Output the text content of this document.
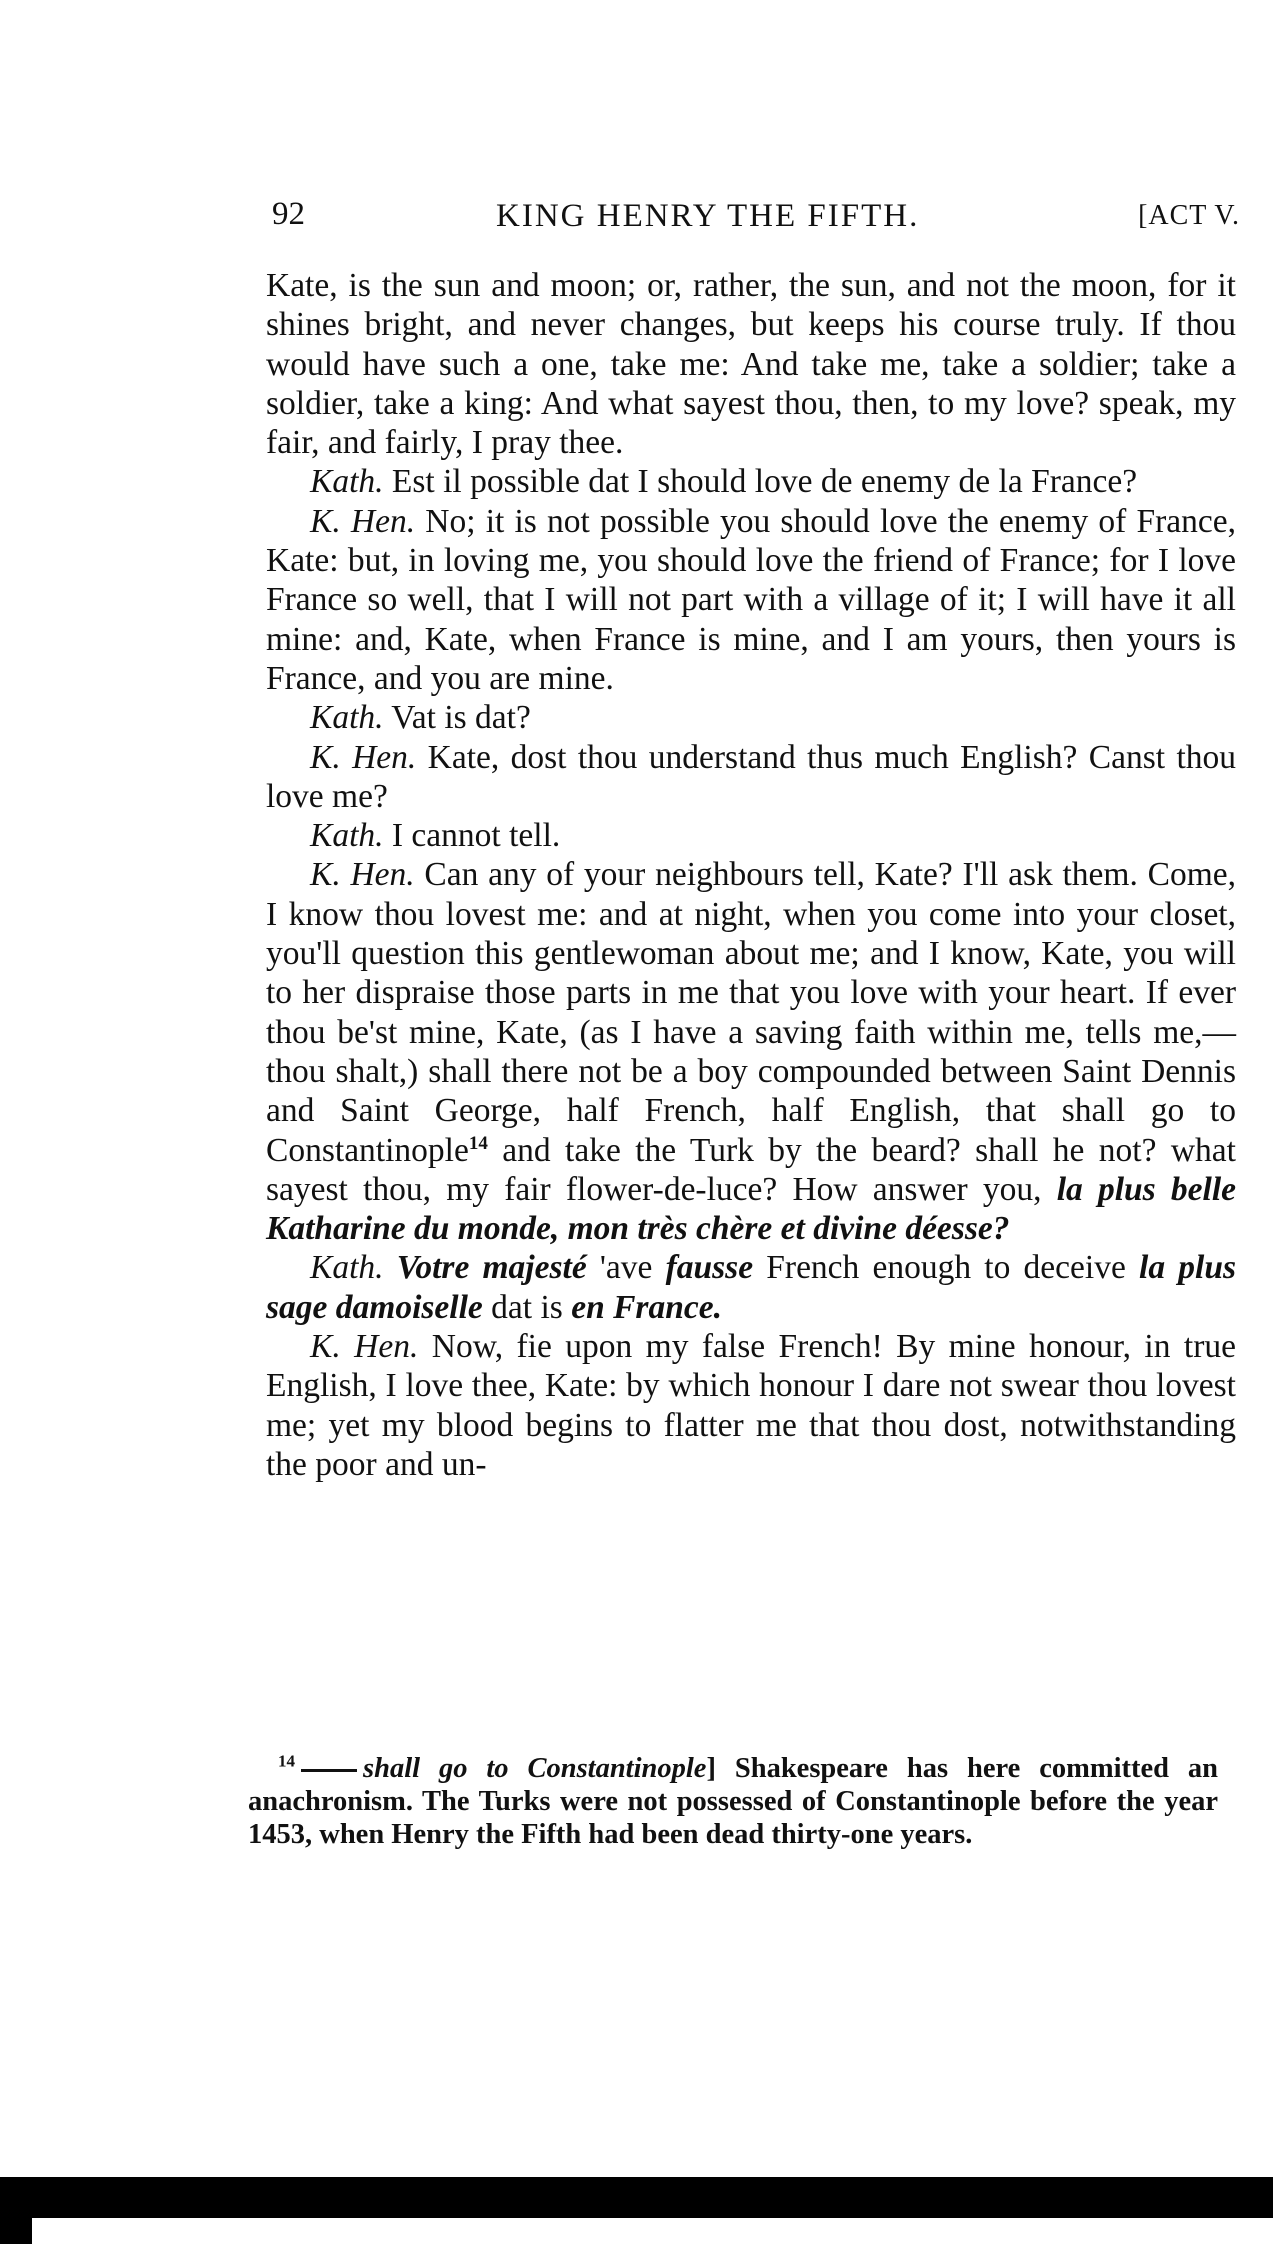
92	KING HENRY THE FIFTH.	[ACT V.

Kate, is the sun and moon; or, rather, the sun, and not the moon, for it shines bright, and never changes, but keeps his course truly. If thou would have such a one, take me: And take me, take a soldier; take a soldier, take a king: And what sayest thou, then, to my love? speak, my fair, and fairly, I pray thee.

Kath. Est il possible dat I should love de enemy de la France?

K. Hen. No; it is not possible you should love the enemy of France, Kate: but, in loving me, you should love the friend of France; for I love France so well, that I will not part with a village of it; I will have it all mine: and, Kate, when France is mine, and I am yours, then yours is France, and you are mine.

Kath. Vat is dat?

K. Hen. Kate, dost thou understand thus much English? Canst thou love me?

Kath. I cannot tell.

K. Hen. Can any of your neighbours tell, Kate? I'll ask them. Come, I know thou lovest me: and at night, when you come into your closet, you'll question this gentlewoman about me; and I know, Kate, you will to her dispraise those parts in me that you love with your heart. If ever thou be'st mine, Kate, (as I have a saving faith within me, tells me,—thou shalt,) shall there not be a boy compounded between Saint Dennis and Saint George, half French, half English, that shall go to Constantinople$^{14}$ and take the Turk by the beard? shall he not? what sayest thou, my fair flower-de-luce? How answer you, la plus belle Katharine du monde, mon très chère et divine déesse?

Kath. Votre majesté 'ave fausse French enough to deceive la plus sage damoiselle dat is en France.

K. Hen. Now, fie upon my false French! By mine honour, in true English, I love thee, Kate: by which honour I dare not swear thou lovest me; yet my blood begins to flatter me that thou dost, notwithstanding the poor and un-

$^{14}$ shall go to Constantinople] Shakespeare has here committed an anachronism. The Turks were not possessed of Constantinople before the year 1453, when Henry the Fifth had been dead thirty-one years.
